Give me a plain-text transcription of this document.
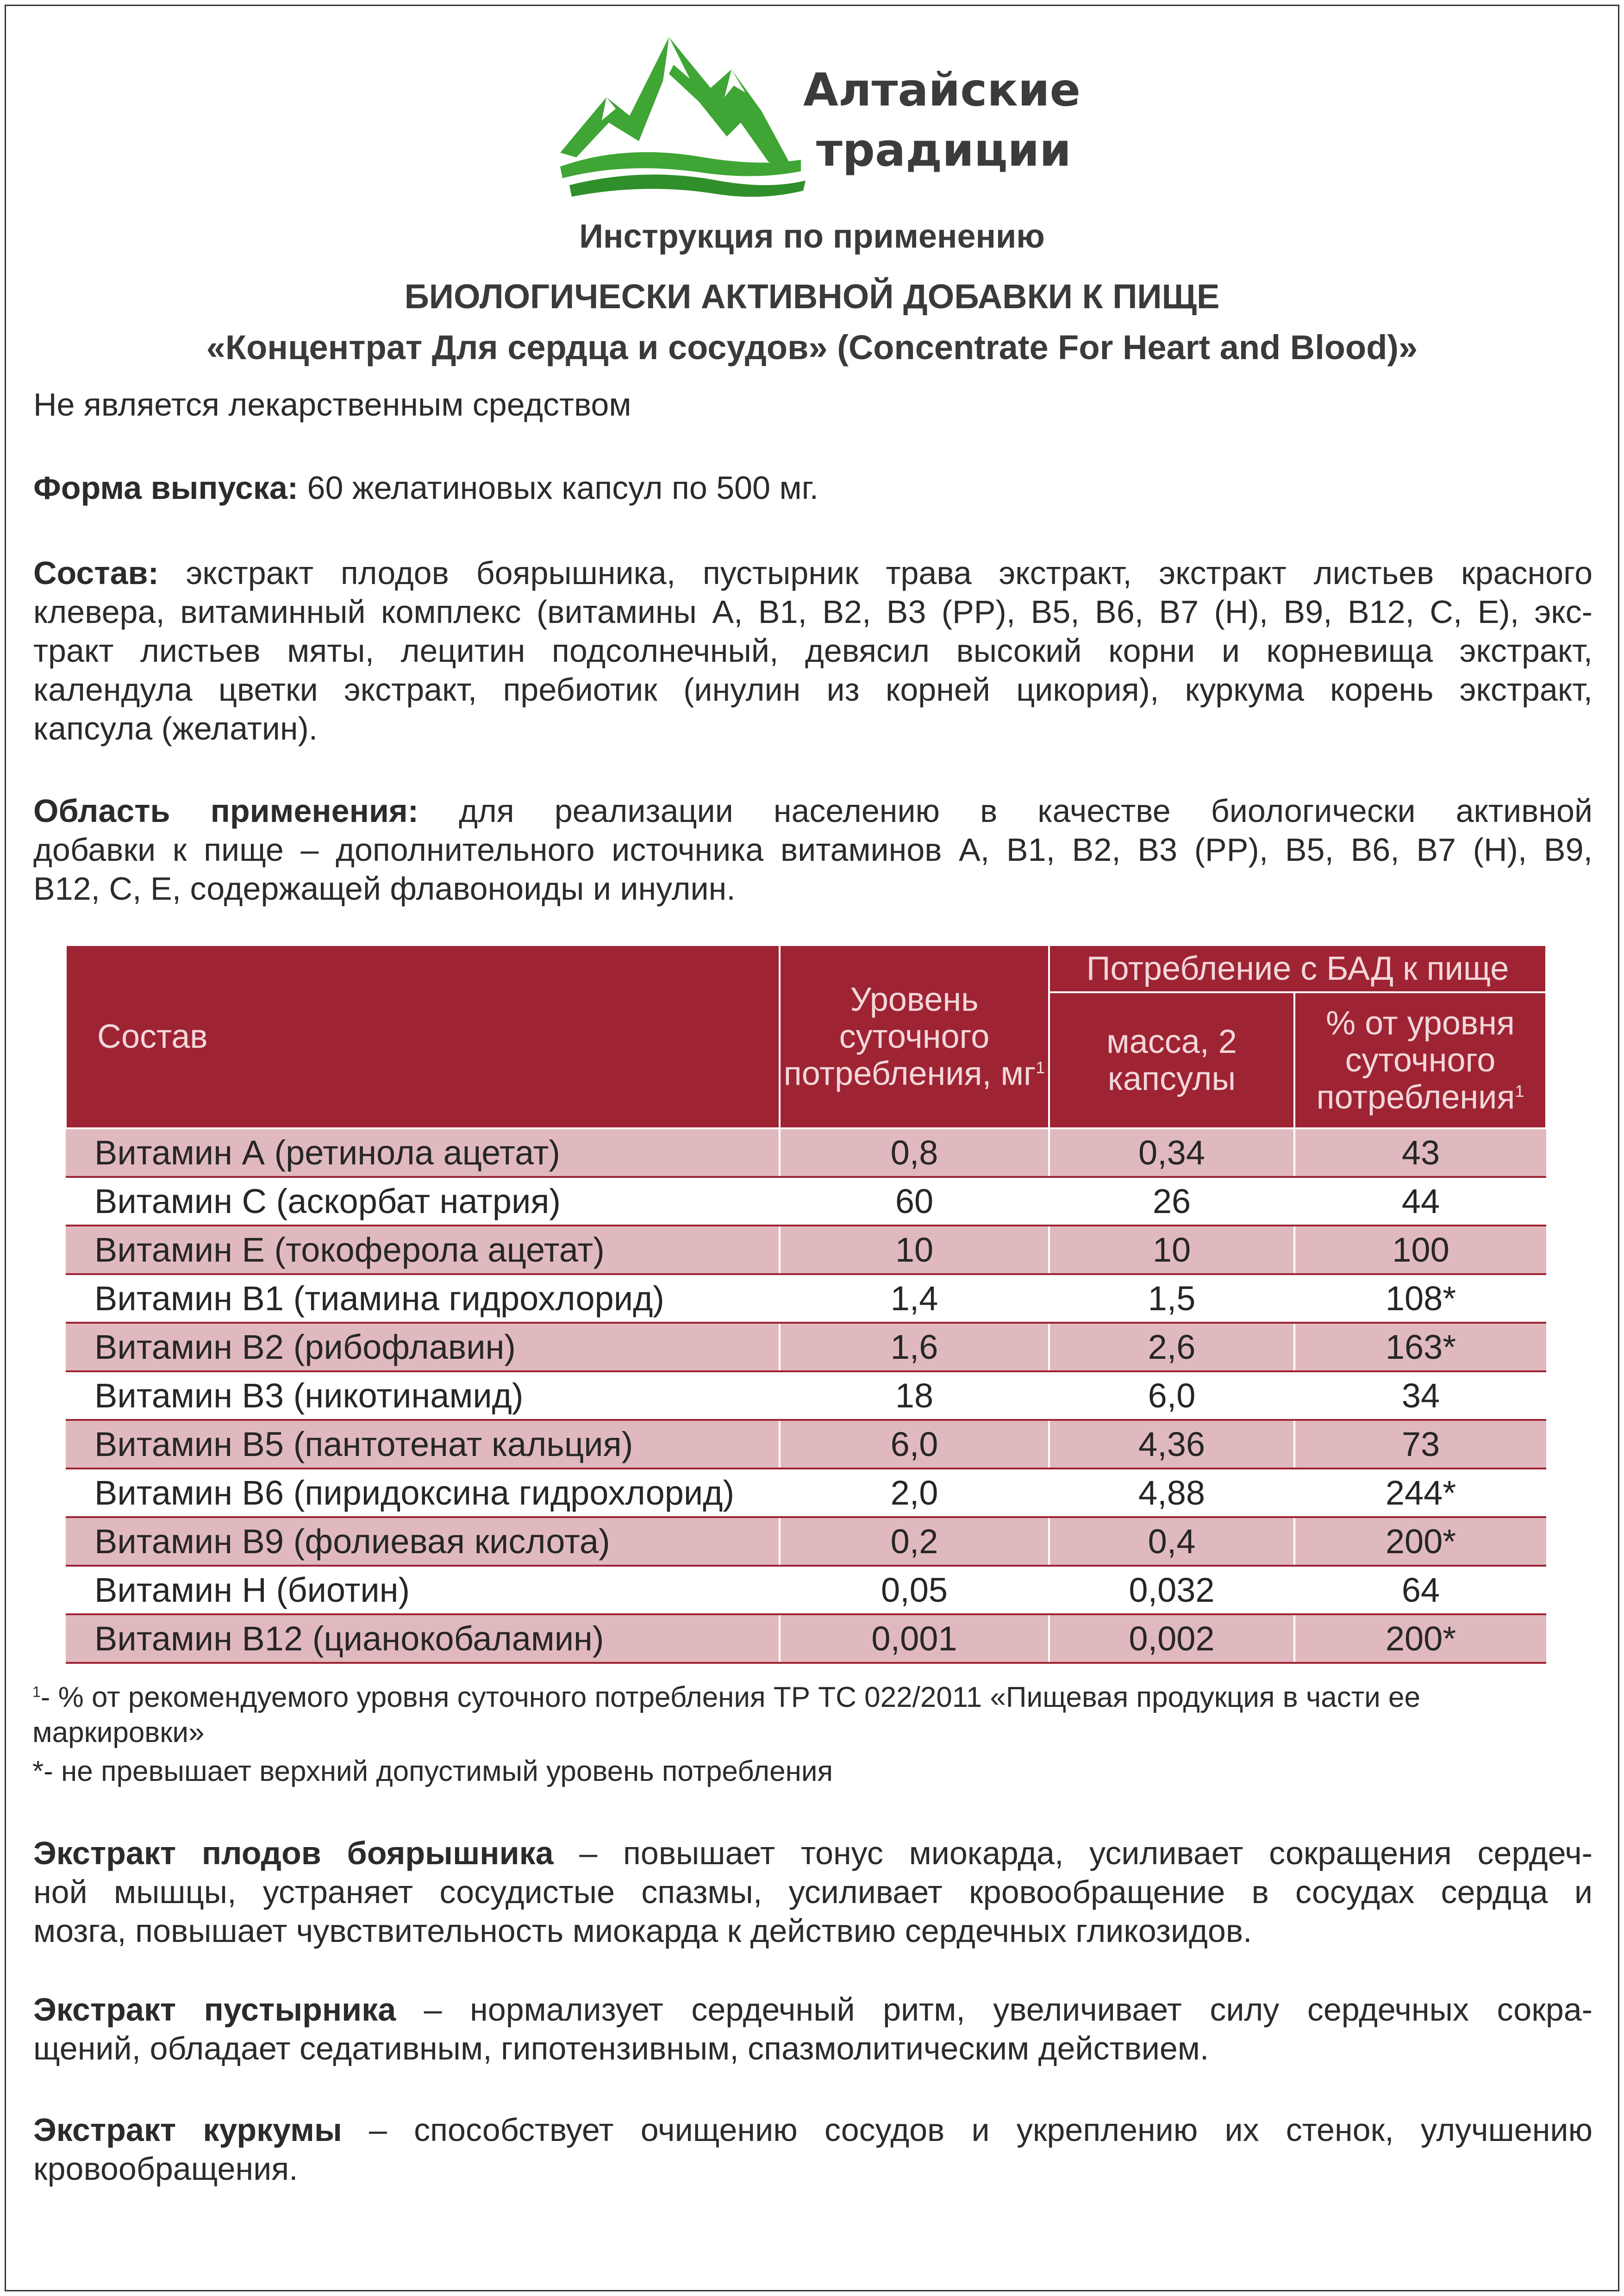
Алтайские
традиции
Инструкция по применению
БИОЛОГИЧЕСКИ АКТИВНОЙ ДОБАВКИ К ПИЩЕ
«Концентрат Для сердца и сосудов» (Concentrate For Heart and Blood)»
Не является лекарственным средством
Форма выпуска: 60 желатиновых капсул по 500 мг.
Состав: экстракт плодов боярышника, пустырник трава экстракт, экстракт листьев красного
клевера, витаминный комплекс (витамины А, В1, В2, В3 (PP), В5, В6, В7 (Н), В9, В12, С, Е), экс-
тракт листьев мяты, лецитин подсолнечный, девясил высокий корни и корневища экстракт,
календула цветки экстракт, пребиотик (инулин из корней цикория), куркума корень экстракт,
капсула (желатин).
Область применения: для реализации населению в качестве биологически активной
добавки к пище – дополнительного источника витаминов А, В1, В2, В3 (PP), В5, В6, В7 (Н), В9,
В12, С, Е, содержащей флавоноиды и инулин.
Состав	Уровень суточного потребления, $мг^1$	Потребление с БАД к пище	
		масса, 2 капсулы	% от уровня суточного потребления$^1$
Витамин А (ретинола ацетат)	0,8	0,34	43
Витамин С (аскорбат натрия)	60	26	44
Витамин Е (токоферола ацетат)	10	10	100
Витамин В1 (тиамина гидрохлорид)	1,4	1,5	108*
Витамин В2 (рибофлавин)	1,6	2,6	163*
Витамин В3 (никотинамид)	18	6,0	34
Витамин В5 (пантотенат кальция)	6,0	4,36	73
Витамин В6 (пиридоксина гидрохлорид)	2,0	4,88	244*
Витамин В9 (фолиевая кислота)	0,2	0,4	200*
Витамин Н (биотин)	0,05	0,032	64
Витамин В12 (цианокобаламин)	0,001	0,002	200*
$^1$- % от рекомендуемого уровня суточного потребления ТР ТС 022/2011 «Пищевая продукция в части ее
маркировки»
*- не превышает верхний допустимый уровень потребления
Экстракт плодов боярышника – повышает тонус миокарда, усиливает сокращения сердеч-
ной мышцы, устраняет сосудистые спазмы, усиливает кровообращение в сосудах сердца и
мозга, повышает чувствительность миокарда к действию сердечных гликозидов.
Экстракт пустырника – нормализует сердечный ритм, увеличивает силу сердечных сокра-
щений, обладает седативным, гипотензивным, спазмолитическим действием.
Экстракт куркумы – способствует очищению сосудов и укреплению их стенок, улучшению
кровообращения.
